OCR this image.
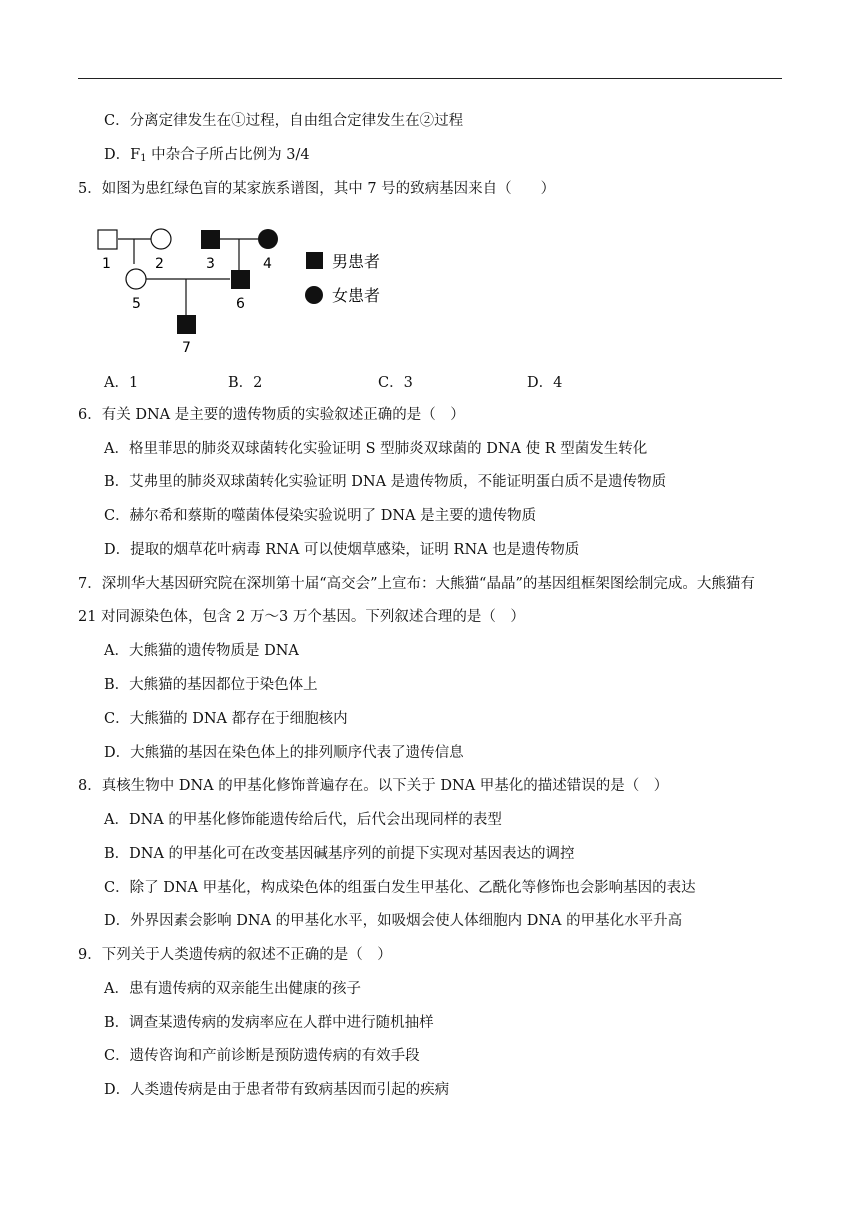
C．分离定律发生在①过程，自由组合定律发生在②过程
D．$F_1$ 中杂合子所占比例为 3/4
5．如图为患红绿色盲的某家族系谱图，其中 7 号的致病基因来自（　　）
1	2	3	4
5	6
7
男患者
女患者
A．1	B．2	C．3	D．4
6．有关 DNA 是主要的遗传物质的实验叙述正确的是（　）
A．格里菲思的肺炎双球菌转化实验证明 S 型肺炎双球菌的 DNA 使 R 型菌发生转化
B．艾弗里的肺炎双球菌转化实验证明 DNA 是遗传物质，不能证明蛋白质不是遗传物质
C．赫尔希和蔡斯的噬菌体侵染实验说明了 DNA 是主要的遗传物质
D．提取的烟草花叶病毒 RNA 可以使烟草感染，证明 RNA 也是遗传物质
7．深圳华大基因研究院在深圳第十届“高交会”上宣布：大熊猫“晶晶”的基因组框架图绘制完成。大熊猫有
21 对同源染色体，包含 2 万～3 万个基因。下列叙述合理的是（　）
A．大熊猫的遗传物质是 DNA
B．大熊猫的基因都位于染色体上
C．大熊猫的 DNA 都存在于细胞核内
D．大熊猫的基因在染色体上的排列顺序代表了遗传信息
8．真核生物中 DNA 的甲基化修饰普遍存在。以下关于 DNA 甲基化的描述错误的是（　）
A．DNA 的甲基化修饰能遗传给后代，后代会出现同样的表型
B．DNA 的甲基化可在改变基因碱基序列的前提下实现对基因表达的调控
C．除了 DNA 甲基化，构成染色体的组蛋白发生甲基化、乙酰化等修饰也会影响基因的表达
D．外界因素会影响 DNA 的甲基化水平，如吸烟会使人体细胞内 DNA 的甲基化水平升高
9．下列关于人类遗传病的叙述不正确的是（　）
A．患有遗传病的双亲能生出健康的孩子
B．调查某遗传病的发病率应在人群中进行随机抽样
C．遗传咨询和产前诊断是预防遗传病的有效手段
D．人类遗传病是由于患者带有致病基因而引起的疾病
